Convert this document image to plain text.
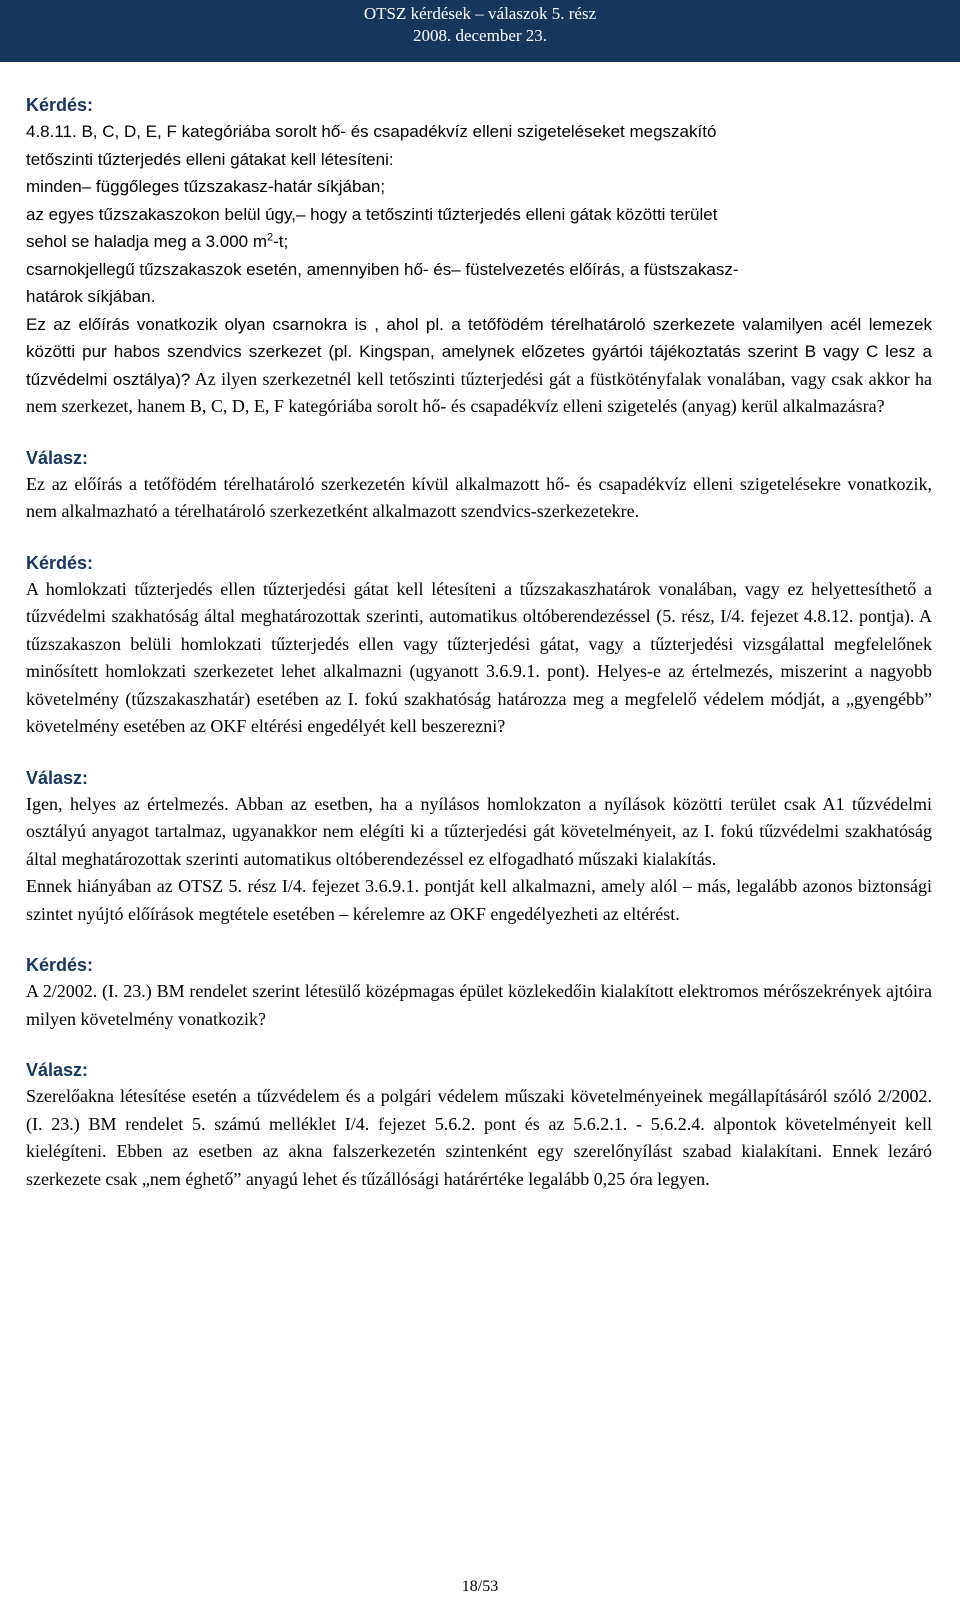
OTSZ kérdések – válaszok 5. rész
2008. december 23.
Kérdés:
4.8.11. B, C, D, E, F kategóriába sorolt hő- és csapadékvíz elleni szigeteléseket megszakító
tetőszinti tűzterjedés elleni gátakat kell létesíteni:
minden– függőleges tűzszakasz-határ síkjában;
az egyes tűzszakaszokon belül úgy,– hogy a tetőszinti tűzterjedés elleni gátak közötti terület
sehol se haladja meg a 3.000 $m^2-t$;
csarnokjellegű tűzszakaszok esetén, amennyiben hő- és– füstelvezetés előírás, a füstszakasz-
határok síkjában.

Ez az előírás vonatkozik olyan csarnokra is , ahol pl. a tetőfödém térelhatároló szerkezete valamilyen acél lemezek közötti pur habos szendvics szerkezet (pl. Kingspan, amelynek előzetes gyártói tájékoztatás szerint B vagy C lesz a tűzvédelmi osztálya)? Az ilyen szerkezetnél kell tetőszinti tűzterjedési gát a füstkötényfalak vonalában, vagy csak akkor ha nem szerkezet, hanem B, C, D, E, F kategóriába sorolt hő- és csapadékvíz elleni szigetelés (anyag) kerül alkalmazásra?

Válasz:

Ez az előírás a tetőfödém térelhatároló szerkezetén kívül alkalmazott hő- és csapadékvíz elleni szigetelésekre vonatkozik, nem alkalmazható a térelhatároló szerkezetként alkalmazott szendvics-szerkezetekre.

Kérdés:

A homlokzati tűzterjedés ellen tűzterjedési gátat kell létesíteni a tűzszakaszhatárok vonalában, vagy ez helyettesíthető a tűzvédelmi szakhatóság által meghatározottak szerinti, automatikus oltóberendezéssel (5. rész, I/4. fejezet 4.8.12. pontja). A tűzszakaszon belüli homlokzati tűzterjedés ellen vagy tűzterjedési gátat, vagy a tűzterjedési vizsgálattal megfelelőnek minősített homlokzati szerkezetet lehet alkalmazni (ugyanott 3.6.9.1. pont). Helyes-e az értelmezés, miszerint a nagyobb követelmény (tűzszakaszhatár) esetében az I. fokú szakhatóság határozza meg a megfelelő védelem módját, a „gyengébb” követelmény esetében az OKF eltérési engedélyét kell beszerezni?

Válasz:

Igen, helyes az értelmezés. Abban az esetben, ha a nyílásos homlokzaton a nyílások közötti terület csak A1 tűzvédelmi osztályú anyagot tartalmaz, ugyanakkor nem elégíti ki a tűzterjedési gát követelményeit, az I. fokú tűzvédelmi szakhatóság által meghatározottak szerinti automatikus oltóberendezéssel ez elfogadható műszaki kialakítás.

Ennek hiányában az OTSZ 5. rész I/4. fejezet 3.6.9.1. pontját kell alkalmazni, amely alól – más, legalább azonos biztonsági szintet nyújtó előírások megtétele esetében – kérelemre az OKF engedélyezheti az eltérést.

Kérdés:

A 2/2002. (I. 23.) BM rendelet szerint létesülő középmagas épület közlekedőin kialakított elektromos mérőszekrények ajtóira milyen követelmény vonatkozik?

Válasz:

Szerelőakna létesítése esetén a tűzvédelem és a polgári védelem műszaki követelményeinek megállapításáról szóló 2/2002. (I. 23.) BM rendelet 5. számú melléklet I/4. fejezet 5.6.2. pont és az 5.6.2.1. - 5.6.2.4. alpontok követelményeit kell kielégíteni. Ebben az esetben az akna falszerkezetén szintenként egy szerelőnyílást szabad kialakítani. Ennek lezáró szerkezete csak „nem éghető” anyagú lehet és tűzállósági határértéke legalább 0,25 óra legyen.

18/53
